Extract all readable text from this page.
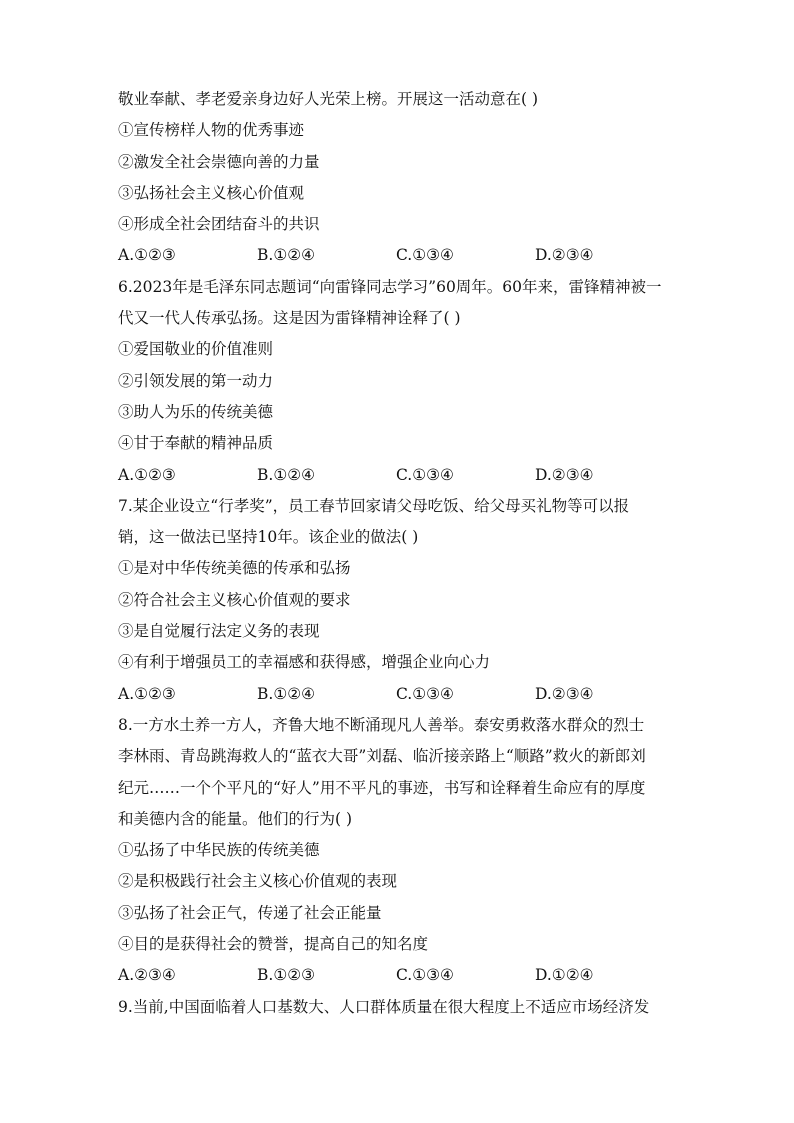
敬业奉献、孝老爱亲身边好人光荣上榜。开展这一活动意在( )
①宣传榜样人物的优秀事迹
②激发全社会崇德向善的力量
③弘扬社会主义核心价值观
④形成全社会团结奋斗的共识
A.①②③	B.①②④	C.①③④	D.②③④
6.2023年是毛泽东同志题词“向雷锋同志学习”60周年。60年来，雷锋精神被一
代又一代人传承弘扬。这是因为雷锋精神诠释了( )
①爱国敬业的价值准则
②引领发展的第一动力
③助人为乐的传统美德
④甘于奉献的精神品质
A.①②③	B.①②④	C.①③④	D.②③④
7.某企业设立“行孝奖”，员工春节回家请父母吃饭、给父母买礼物等可以报
销，这一做法已坚持10年。该企业的做法( )
①是对中华传统美德的传承和弘扬
②符合社会主义核心价值观的要求
③是自觉履行法定义务的表现
④有利于增强员工的幸福感和获得感，增强企业向心力
A.①②③	B.①②④	C.①③④	D.②③④
8.一方水土养一方人，齐鲁大地不断涌现凡人善举。泰安勇救落水群众的烈士
李林雨、青岛跳海救人的“蓝衣大哥”刘磊、临沂接亲路上“顺路”救火的新郎刘
纪元……一个个平凡的“好人”用不平凡的事迹，书写和诠释着生命应有的厚度
和美德内含的能量。他们的行为( )
①弘扬了中华民族的传统美德
②是积极践行社会主义核心价值观的表现
③弘扬了社会正气，传递了社会正能量
④目的是获得社会的赞誉，提高自己的知名度
A.②③④	B.①②③	C.①③④	D.①②④
9.当前,中国面临着人口基数大、人口群体质量在很大程度上不适应市场经济发
